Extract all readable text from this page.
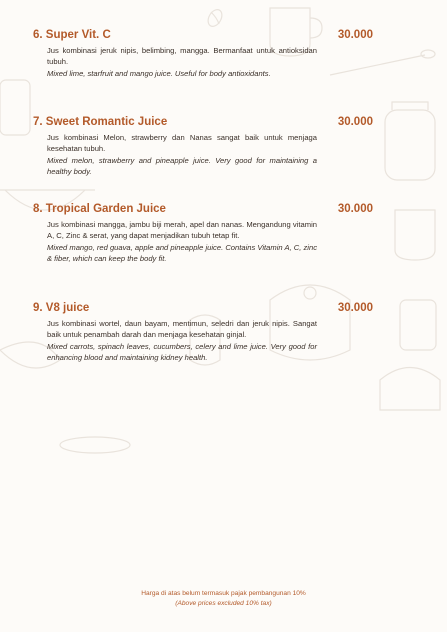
6. Super Vit. C	30.000
Jus kombinasi jeruk nipis, belimbing, mangga. Bermanfaat untuk antioksidan tubuh.
Mixed lime, starfruit and mango juice. Useful for body antioxidants.
7. Sweet Romantic Juice	30.000
Jus kombinasi Melon, strawberry dan Nanas sangat baik untuk menjaga kesehatan tubuh.
Mixed melon, strawberry and pineapple juice. Very good for maintaining a healthy body.
8. Tropical Garden Juice	30.000
Jus kombinasi mangga, jambu biji merah, apel dan nanas. Mengandung vitamin A, C, Zinc & serat, yang dapat menjadikan tubuh tetap fit.
Mixed mango, red guava, apple and pineapple juice. Contains Vitamin A, C, zinc & fiber, which can keep the body fit.
9. V8 juice	30.000
Jus kombinasi wortel, daun bayam, mentimun, seledri dan jeruk nipis. Sangat baik untuk penambah darah dan menjaga kesehatan ginjal.
Mixed carrots, spinach leaves, cucumbers, celery and lime juice. Very good for enhancing blood and maintaining kidney health.
Harga di atas belum termasuk pajak pembangunan 10%
(Above prices excluded 10% tax)
